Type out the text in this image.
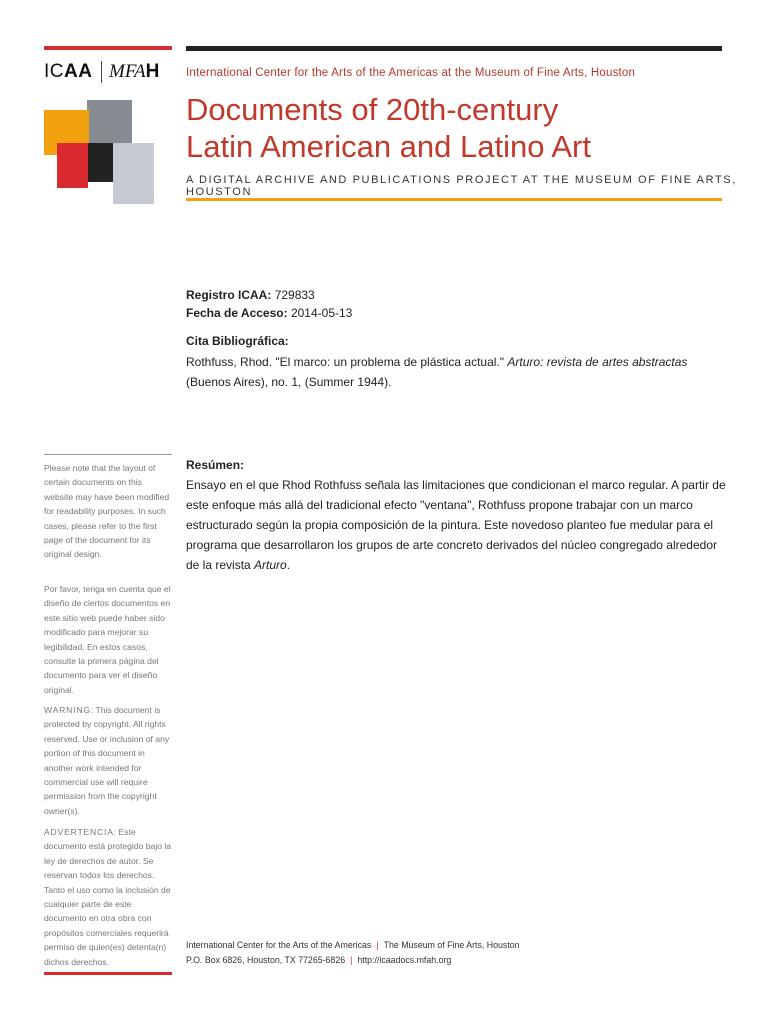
ICAA MFAH International Center for the Arts of the Americas at the Museum of Fine Arts, Houston
Documents of 20th-century
Latin American and Latino Art
A DIGITAL ARCHIVE AND PUBLICATIONS PROJECT AT THE MUSEUM OF FINE ARTS, HOUSTON
Registro ICAA: 729833
Fecha de Acceso: 2014-05-13
Cita Bibliográfica:
Rothfuss, Rhod. "El marco: un problema de plástica actual." Arturo: revista de artes abstractas
(Buenos Aires), no. 1, (Summer 1944).
Resúmen:
Ensayo en el que Rhod Rothfuss señala las limitaciones que condicionan el marco regular. A partir de este enfoque más allá del tradicional efecto "ventana", Rothfuss propone trabajar con un marco estructurado según la propia composición de la pintura. Este novedoso planteo fue medular para el programa que desarrollaron los grupos de arte concreto derivados del núcleo congregado alrededor de la revista Arturo.
Please note that the layout of certain documents on this website may have been modified for readability purposes. In such cases, please refer to the first page of the document for its original design.
Por favor, tenga en cuenta que el diseño de ciertos documentos en este sitio web puede haber sido modificado para mejorar su legibilidad. En estos casos, consulte la primera página del documento para ver el diseño original.
WARNING: This document is protected by copyright. All rights reserved. Use or inclusion of any portion of this document in another work intended for commercial use will require permission from the copyright owner(s).
ADVERTENCIA: Este documento está protegido bajo la ley de derechos de autor. Se reservan todos los derechos. Tanto el uso como la inclusión de cualquier parte de este documento en otra obra con propósitos comerciales requerirá permiso de quien(es) detenta(n) dichos derechos.
International Center for the Arts of the Americas | The Museum of Fine Arts, Houston
P.O. Box 6826, Houston, TX 77265-6826 | http://icaadocs.mfah.org
